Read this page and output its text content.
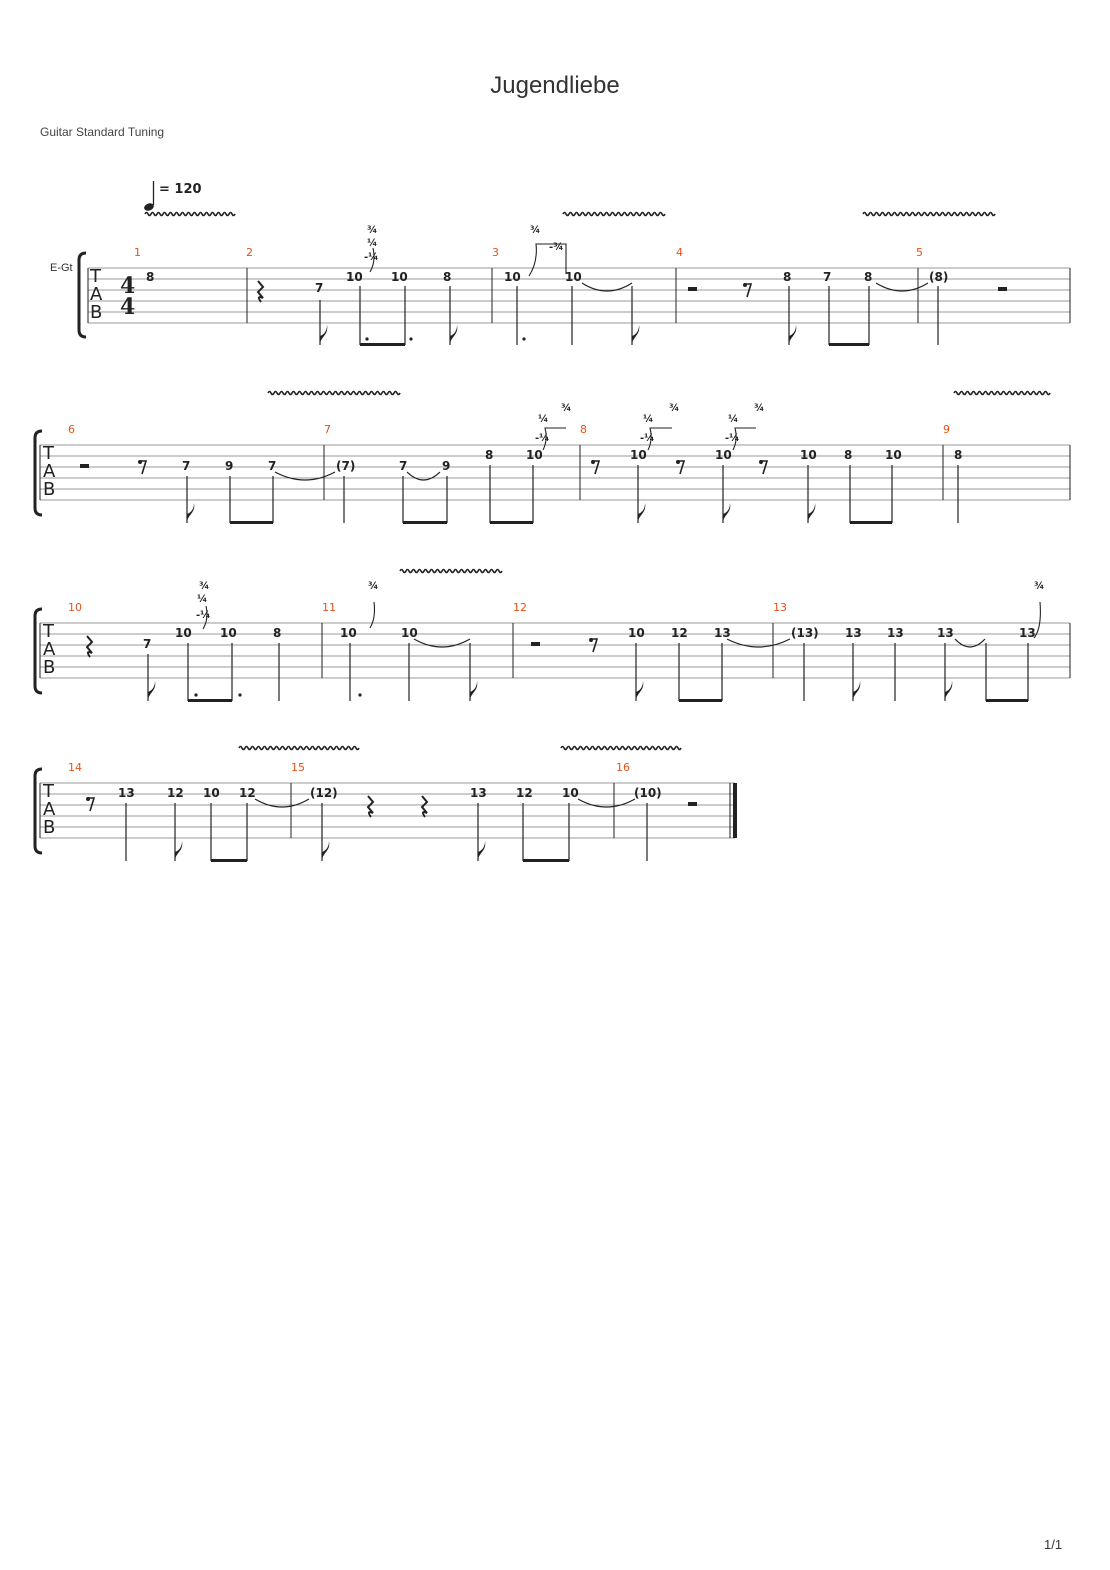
Jugendliebe
Guitar Standard Tuning
1/1
= 120
E-Gt T
A
B
4
4
1	2	3	4	5
8
7
10 10	8	10	10	8	7	8	(8)
¾
¼
-¼
¾
-¾
T
A
B
6	7	8	9
7	9	7	(7)	7	9
8	10	10	10	10 8	10	8
¼
-¼
¾
¼
-¼
¾
¼
-¼
¾
T
A
B
10	11	12	13
7
10 10	8	10	10	10 12 13	(13) 13 13	13	13
¾
¼
-¼
¾	¾
T
A
B
14	15	16
13	12 10 12	(12)	13 12 10	(10)
